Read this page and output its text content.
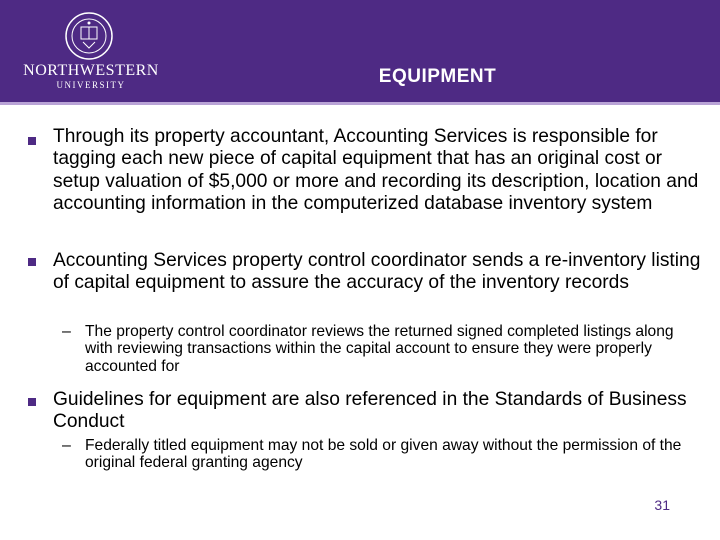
NORTHWESTERN
UNIVERSITY	EQUIPMENT
Through its property accountant, Accounting Services is responsible for tagging each new piece of capital equipment that has an original cost or setup valuation of $5,000 or more and recording its description, location and accounting information in the computerized database inventory system
Accounting Services property control coordinator sends a re-inventory listing of capital equipment to assure the accuracy of the inventory records
– The property control coordinator reviews the returned signed completed listings along with reviewing transactions within the capital account to ensure they were properly accounted for
Guidelines for equipment are also referenced in the Standards of Business Conduct
– Federally titled equipment may not be sold or given away without the permission of the original federal granting agency
31
